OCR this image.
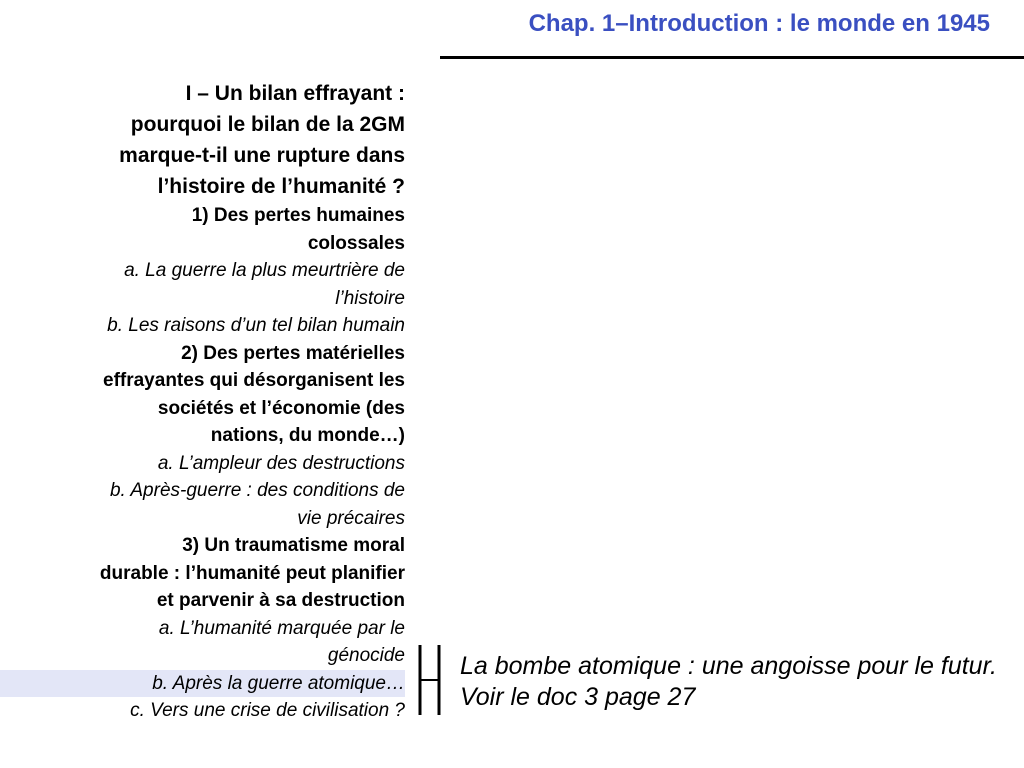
Chap. 1–Introduction : le monde en 1945
I – Un bilan effrayant :
pourquoi le bilan de la 2GM
marque-t-il une rupture dans
l’histoire de l’humanité ?
1) Des pertes humaines
colossales
a. La guerre la plus meurtrière de
l’histoire
b. Les raisons d’un tel bilan humain
2) Des pertes matérielles
effrayantes qui désorganisent les
sociétés et l’économie (des
nations, du monde…)
a. L’ampleur des destructions
b. Après-guerre : des conditions de
vie précaires
3) Un traumatisme moral
durable : l’humanité peut planifier
et parvenir à sa destruction
a. L’humanité marquée par le
génocide
b. Après la guerre atomique…
c. Vers une crise de civilisation ?
La bombe atomique : une angoisse pour le futur. Voir le doc 3 page 27
